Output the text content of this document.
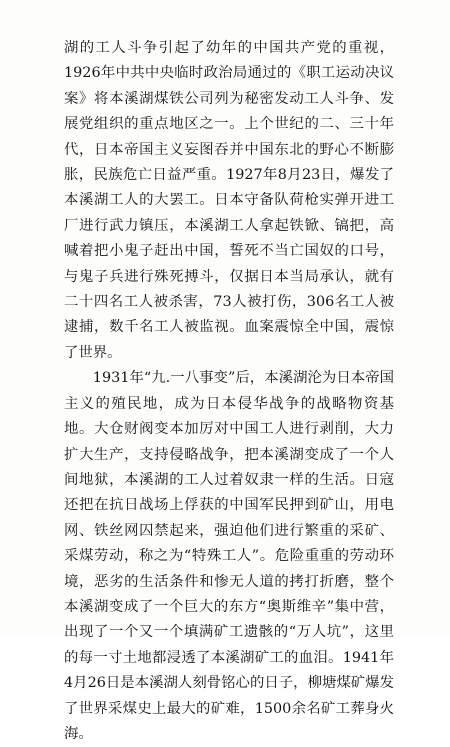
湖的工人斗争引起了幼年的中国共产党的重视，1926年中共中央临时政治局通过的《职工运动决议案》将本溪湖煤铁公司列为秘密发动工人斗争、发展党组织的重点地区之一。上个世纪的二、三十年代，日本帝国主义妄图吞并中国东北的野心不断膨胀，民族危亡日益严重。1927年8月23日，爆发了本溪湖工人的大罢工。日本守备队荷枪实弹开进工厂进行武力镇压，本溪湖工人拿起铁锨、镐把，高喊着把小鬼子赶出中国，誓死不当亡国奴的口号，与鬼子兵进行殊死搏斗，仅据日本当局承认，就有二十四名工人被杀害，73人被打伤，306名工人被逮捕，数千名工人被监视。血案震惊全中国，震惊了世界。

1931年“九.一八事变”后，本溪湖沦为日本帝国主义的殖民地，成为日本侵华战争的战略物资基地。大仓财阀变本加厉对中国工人进行剥削，大力扩大生产，支持侵略战争，把本溪湖变成了一个人间地狱，本溪湖的工人过着奴隶一样的生活。日寇还把在抗日战场上俘获的中国军民押到矿山，用电网、铁丝网囚禁起来，强迫他们进行繁重的采矿、采煤劳动，称之为“特殊工人”。危险重重的劳动环境，恶劣的生活条件和惨无人道的拷打折磨，整个本溪湖变成了一个巨大的东方“奥斯维辛”集中营，出现了一个又一个填满矿工遗骸的“万人坑”，这里的每一寸土地都浸透了本溪湖矿工的血泪。1941年4月26日是本溪湖人刻骨铭心的日子，柳塘煤矿爆发了世界采煤史上最大的矿难，1500余名矿工葬身火海。
